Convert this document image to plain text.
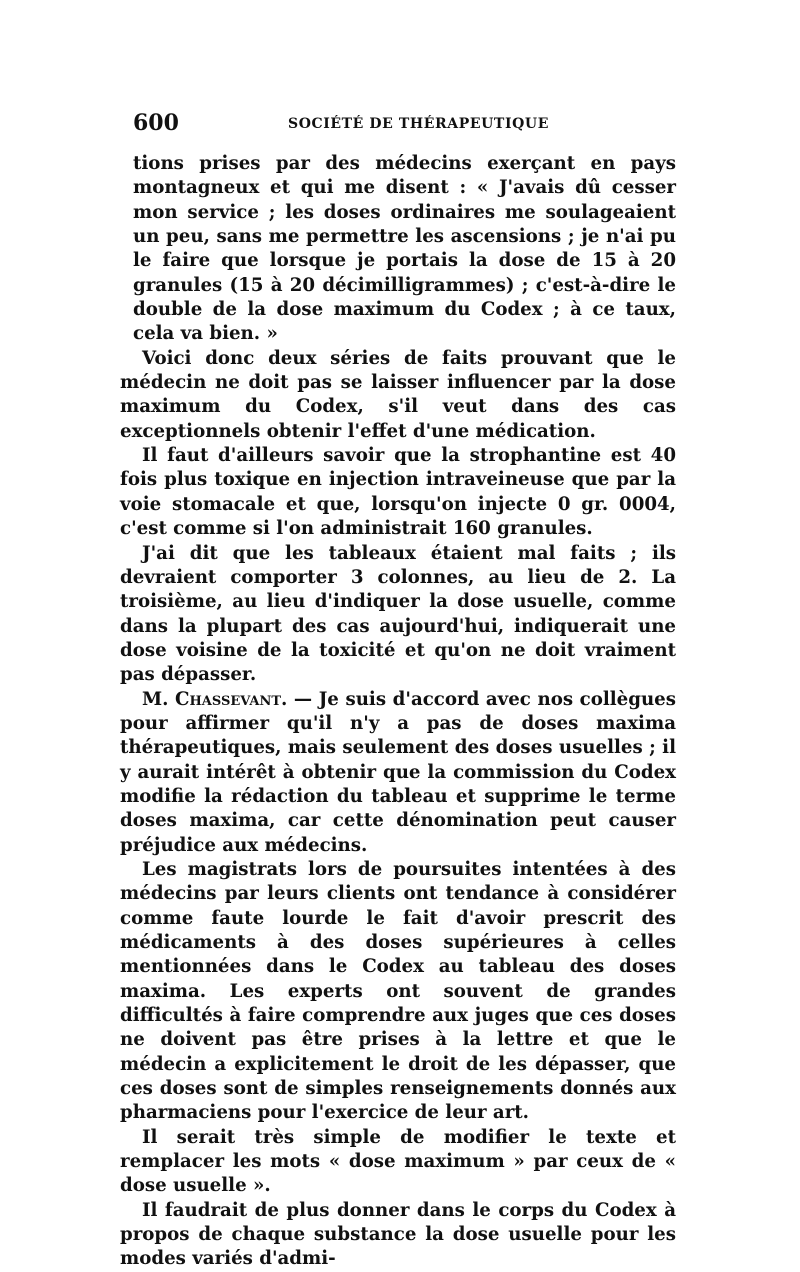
600	SOCIÉTÉ DE THÉRAPEUTIQUE

tions prises par des médecins exerçant en pays montagneux et qui me disent : « J'avais dû cesser mon service ; les doses ordinaires me soulageaient un peu, sans me permettre les ascensions ; je n'ai pu le faire que lorsque je portais la dose de 15 à 20 granules (15 à 20 décimilligrammes) ; c'est-à-dire le double de la dose maximum du Codex ; à ce taux, cela va bien. »

Voici donc deux séries de faits prouvant que le médecin ne doit pas se laisser influencer par la dose maximum du Codex, s'il veut dans des cas exceptionnels obtenir l'effet d'une médication.

Il faut d'ailleurs savoir que la strophantine est 40 fois plus toxique en injection intraveineuse que par la voie stomacale et que, lorsqu'on injecte 0 gr. 0004, c'est comme si l'on administrait 160 granules.

J'ai dit que les tableaux étaient mal faits ; ils devraient comporter 3 colonnes, au lieu de 2. La troisième, au lieu d'indiquer la dose usuelle, comme dans la plupart des cas aujourd'hui, indiquerait une dose voisine de la toxicité et qu'on ne doit vraiment pas dépasser.

M. Chassevant. — Je suis d'accord avec nos collègues pour affirmer qu'il n'y a pas de doses maxima thérapeutiques, mais seulement des doses usuelles ; il y aurait intérêt à obtenir que la commission du Codex modifie la rédaction du tableau et supprime le terme doses maxima, car cette dénomination peut causer préjudice aux médecins.

Les magistrats lors de poursuites intentées à des médecins par leurs clients ont tendance à considérer comme faute lourde le fait d'avoir prescrit des médicaments à des doses supérieures à celles mentionnées dans le Codex au tableau des doses maxima. Les experts ont souvent de grandes difficultés à faire comprendre aux juges que ces doses ne doivent pas être prises à la lettre et que le médecin a explicitement le droit de les dépasser, que ces doses sont de simples renseignements donnés aux pharmaciens pour l'exercice de leur art.

Il serait très simple de modifier le texte et remplacer les mots « dose maximum » par ceux de « dose usuelle ».

Il faudrait de plus donner dans le corps du Codex à propos de chaque substance la dose usuelle pour les modes variés d'admi-
